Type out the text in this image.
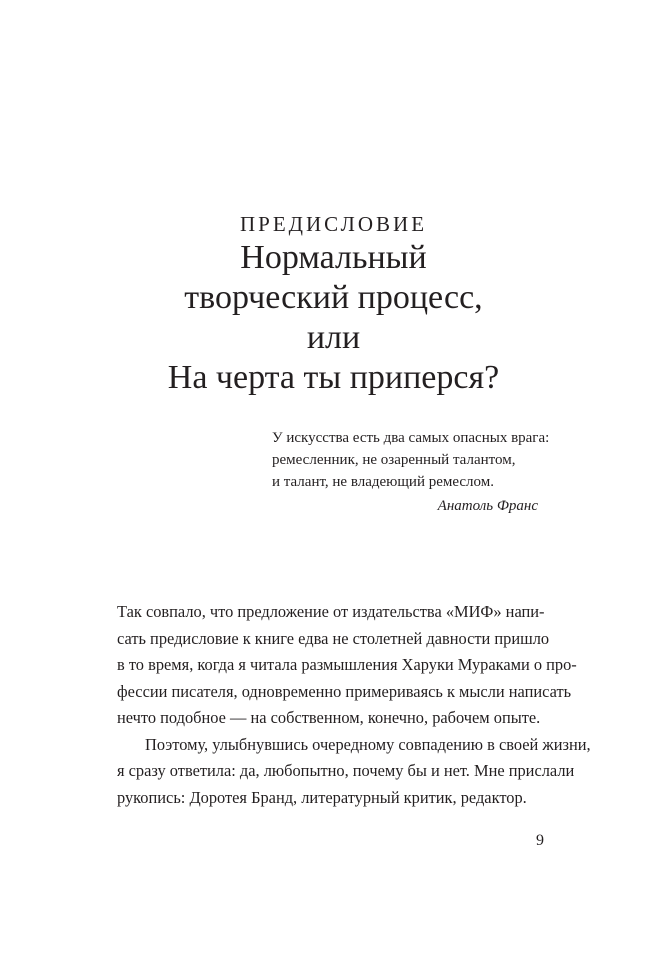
ПРЕДИСЛОВИЕ

Нормальный
творческий процесс,
или
На черта ты приперся?
У искусства есть два самых опасных врага:
ремесленник, не озаренный талантом,
и талант, не владеющий ремеслом.
Анатоль Франс
Так совпало, что предложение от издательства «МИФ» напи-
сать предисловие к книге едва не столетней давности пришло
в то время, когда я читала размышления Харуки Мураками о про-
фессии писателя, одновременно примериваясь к мысли написать
нечто подобное — на собственном, конечно, рабочем опыте.
Поэтому, улыбнувшись очередному совпадению в своей жизни,
я сразу ответила: да, любопытно, почему бы и нет. Мне прислали
рукопись: Доротея Бранд, литературный критик, редактор.
9
